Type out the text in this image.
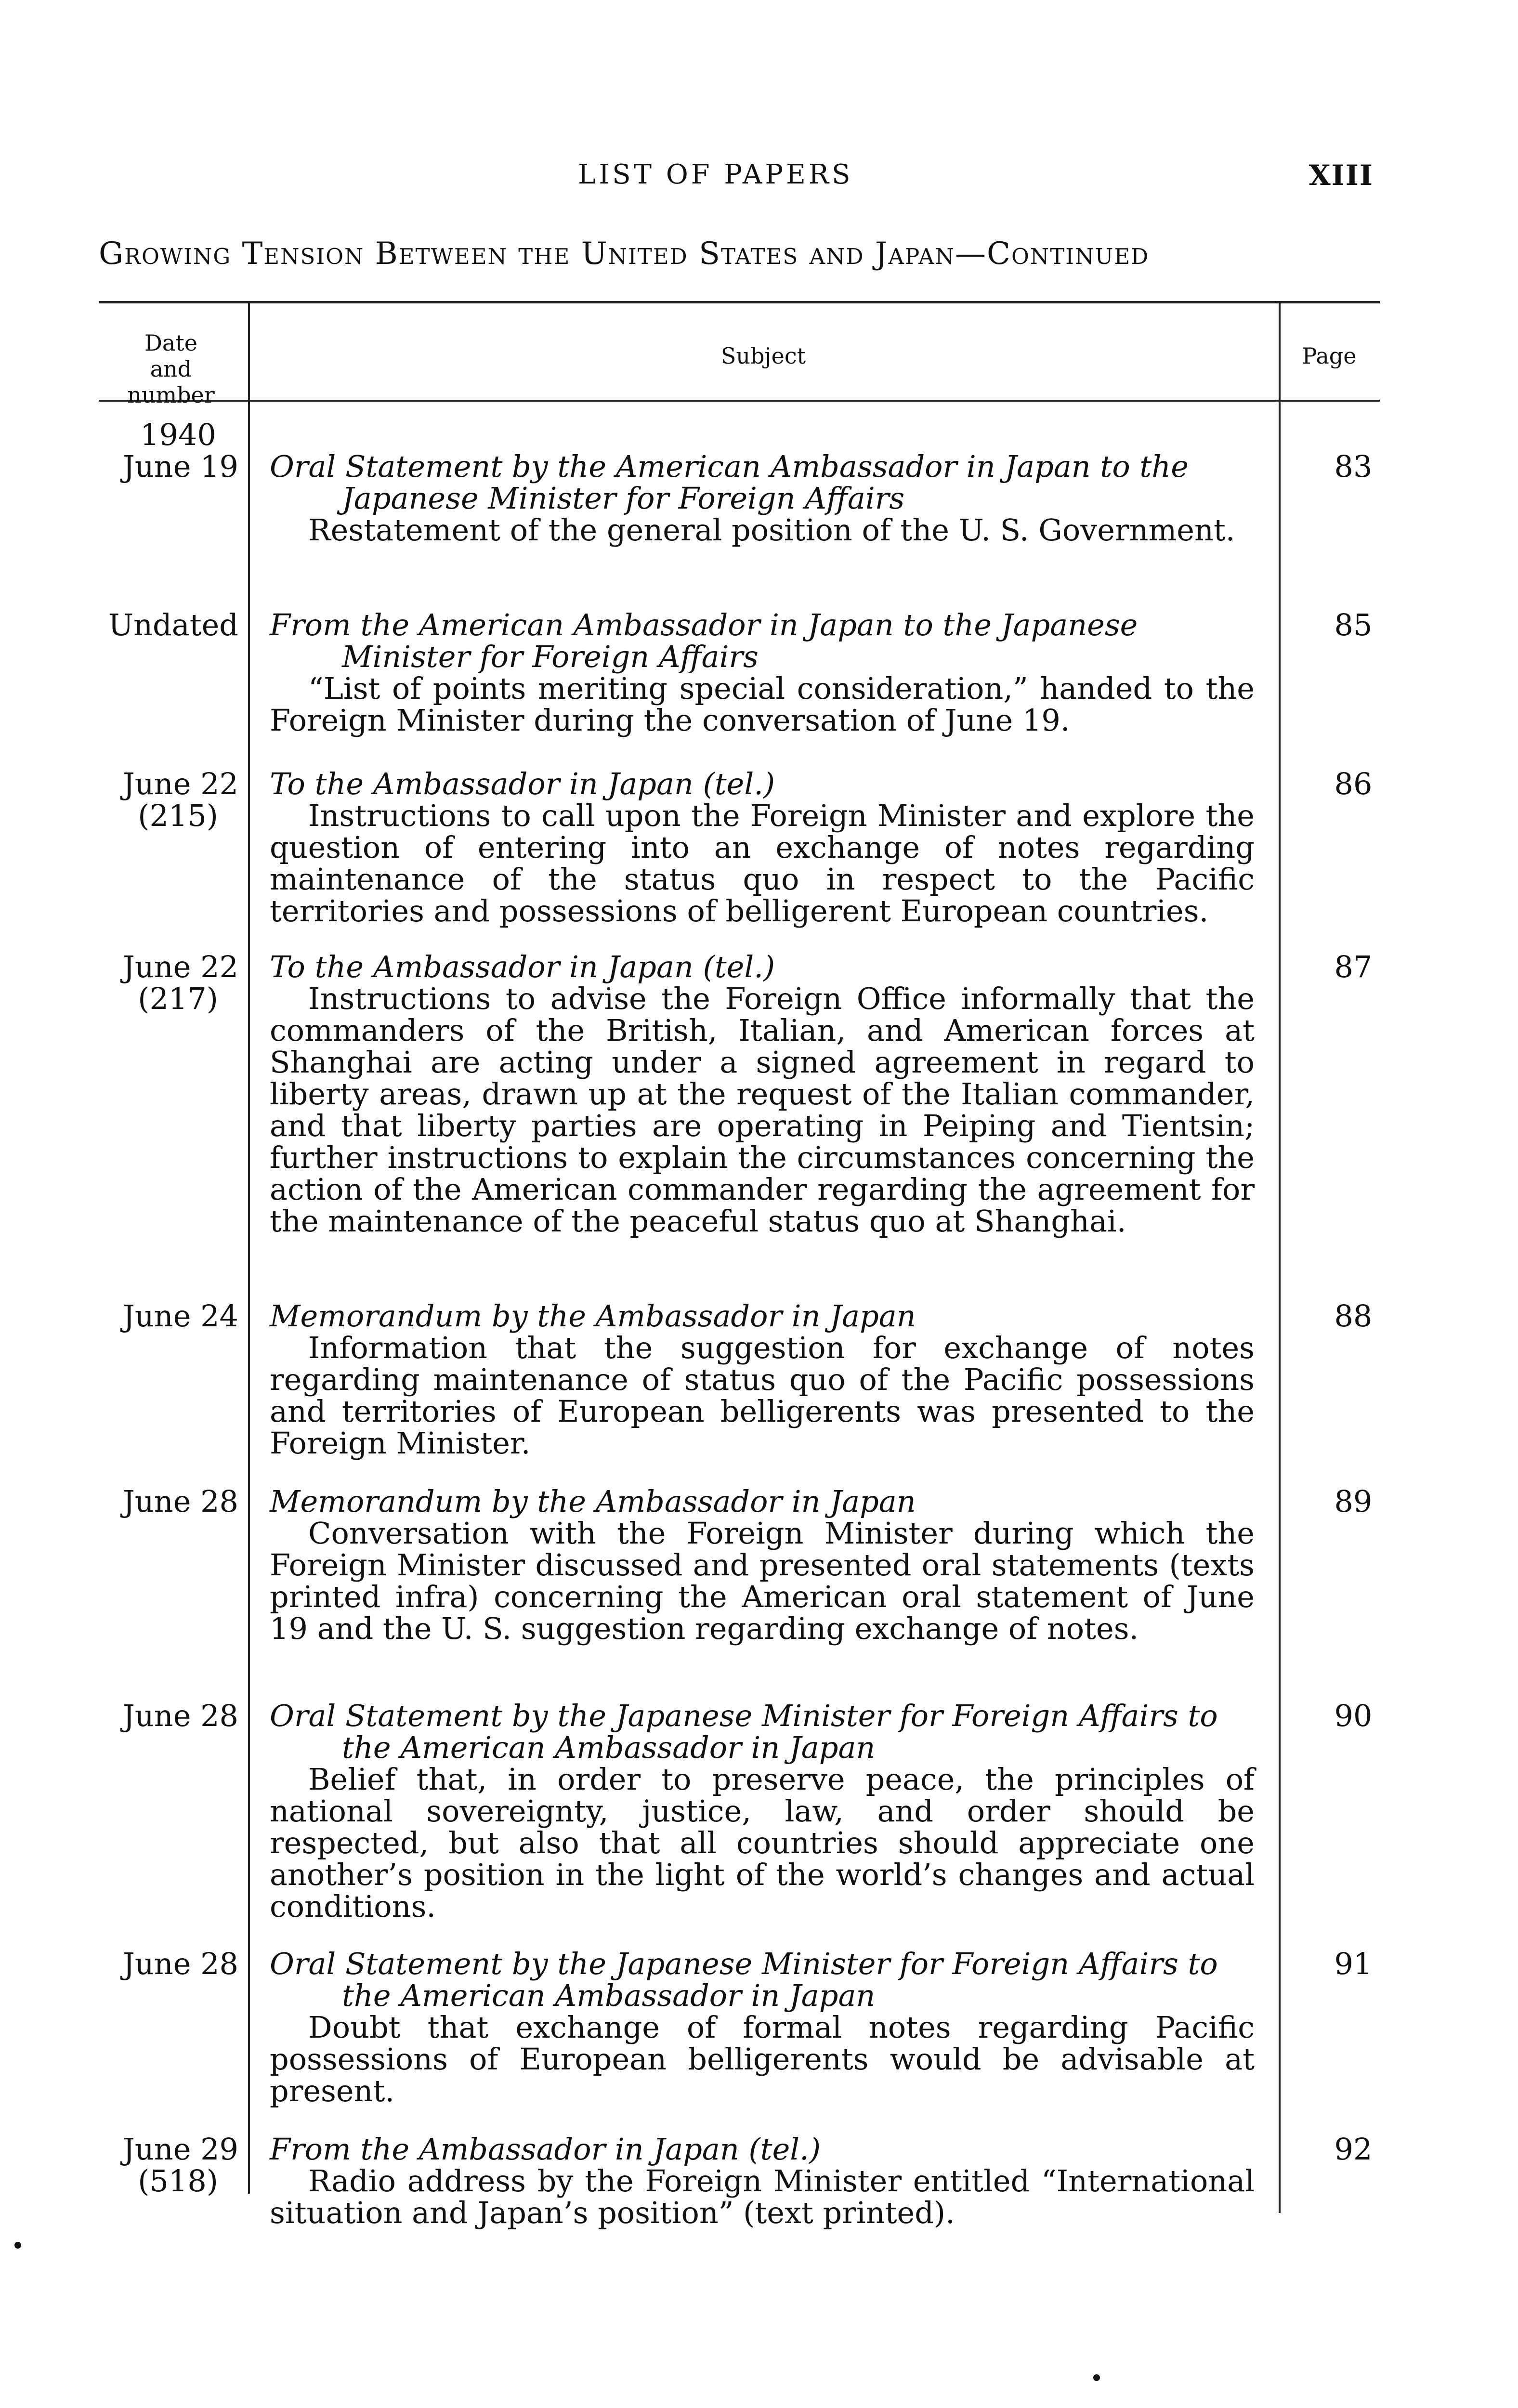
LIST OF PAPERS	XIII
Growing Tension Between the United States and Japan—Continued
Date and number
Subject	Page
1940
June 19 Oral Statement by the American Ambassador in Japan to the Japanese Minister for Foreign Affairs
Restatement of the general position of the U. S. Government.
83
Undated From the American Ambassador in Japan to the Japanese Minister for Foreign Affairs
“List of points meriting special consideration,” handed to the Foreign Minister during the conversation of June 19.
85
June 22
(215)
To the Ambassador in Japan (tel.)
Instructions to call upon the Foreign Minister and explore the question of entering into an exchange of notes regarding maintenance of the status quo in respect to the Pacific territories and possessions of belligerent European countries.
86
June 22
(217)
To the Ambassador in Japan (tel.)
Instructions to advise the Foreign Office informally that the commanders of the British, Italian, and American forces at Shanghai are acting under a signed agreement in regard to liberty areas, drawn up at the request of the Italian commander, and that liberty parties are operating in Peiping and Tientsin; further instructions to explain the circumstances concerning the action of the American commander regarding the agreement for the maintenance of the peaceful status quo at Shanghai.
87
June 24 Memorandum by the Ambassador in Japan
Information that the suggestion for exchange of notes regarding maintenance of status quo of the Pacific possessions and territories of European belligerents was presented to the Foreign Minister.
88
June 28 Memorandum by the Ambassador in Japan
Conversation with the Foreign Minister during which the Foreign Minister discussed and presented oral statements (texts printed infra) concerning the American oral statement of June 19 and the U. S. suggestion regarding exchange of notes.
89
June 28 Oral Statement by the Japanese Minister for Foreign Affairs to the American Ambassador in Japan
Belief that, in order to preserve peace, the principles of national sovereignty, justice, law, and order should be respected, but also that all countries should appreciate one another’s position in the light of the world’s changes and actual conditions.
90
June 28 Oral Statement by the Japanese Minister for Foreign Affairs to the American Ambassador in Japan
Doubt that exchange of formal notes regarding Pacific possessions of European belligerents would be advisable at present.
91
June 29
(518)
From the Ambassador in Japan (tel.)
Radio address by the Foreign Minister entitled “International situation and Japan’s position” (text printed).
92
